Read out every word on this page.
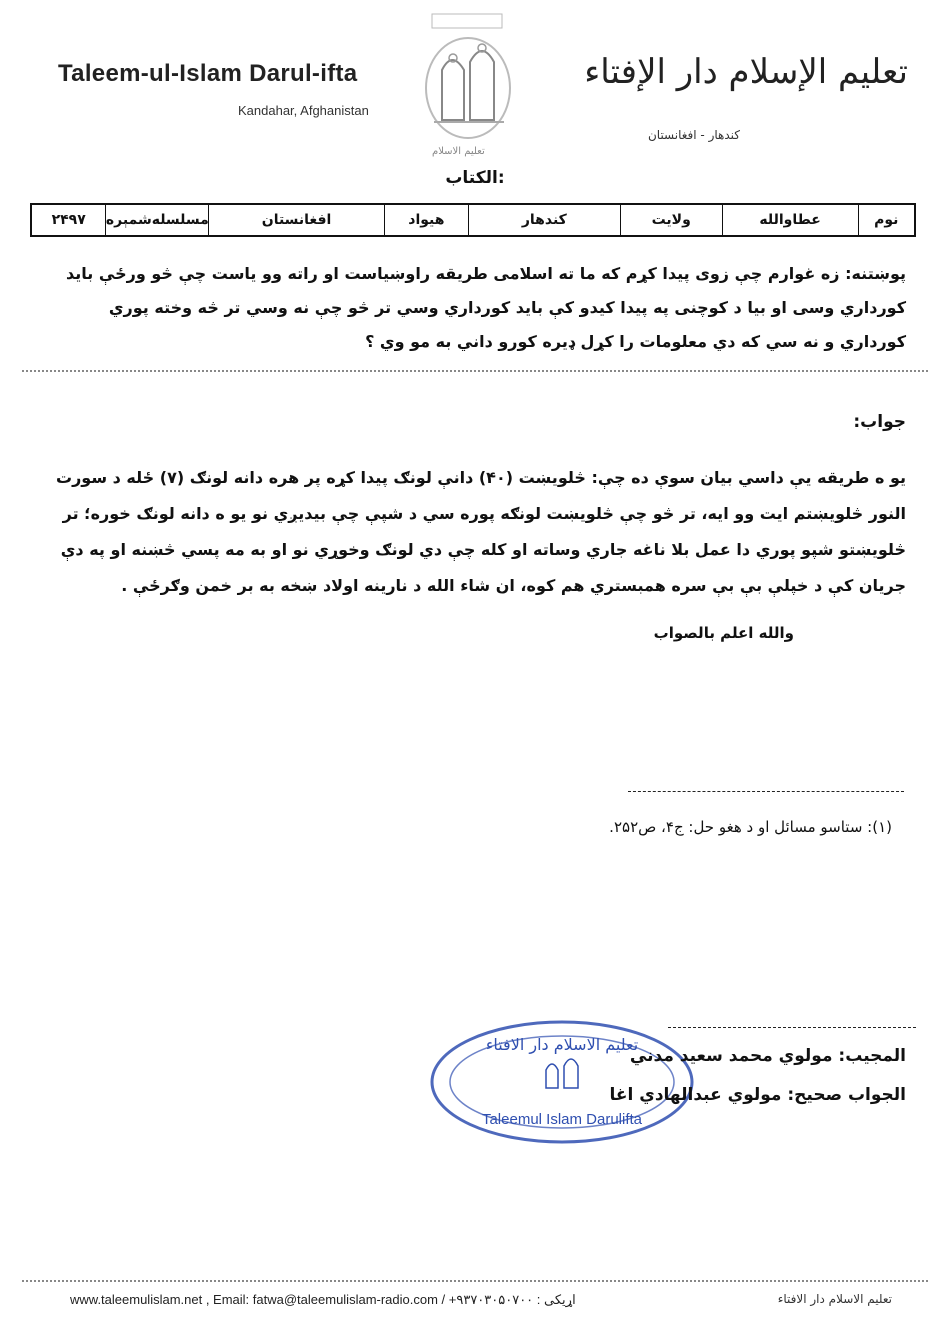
Taleem-ul-Islam Darul-ifta
Kandahar, Afghanistan
تعليم الاسلام
تعليم الإسلام دار الإفتاء
كندهار - افغانستان
الکتاب:
نوم
عطاوالله
ولايت
کندهار
هيواد
افغانستان
مسلسله‌شمېره
۲۴۹۷
پوښتنه: زه غوارم چې زوی پيدا کړم که ما ته اسلامی طريقه راوښياست او راته وو ياست چې څو ورځې بايد کورداري وسی او بيا د کوچنی په پيدا کيدو کې بايد کورداري وسي تر څو چې نه وسي تر څه وخته پوري کورداري و نه سي که دي معلومات را کړل ډيره کورو داني به مو وي ؟
جواب:
يو ه طريقه يې داسي بيان سوې ده چې: څلويښت (۴۰) دانې لونګ پيدا کړه پر هره دانه لونګ (۷) ځله د سورت النور څلويښتم ايت وو ايه، تر څو چې څلويښت لونګه پوره سي د شپې چې بيديږي نو يو ه دانه لونګ خوره؛ تر څلويښتو شپو پوري دا عمل بلا ناغه جاري وساته او کله چې دي لونګ وخوړي نو او به مه پسي څښنه او په دې جريان کې د خپلې بې بې سره همبستري هم کوه، ان شاء الله د نارينه اولاد ښخه به بر خمن وګرځې .
والله اعلم بالصواب
(۱): ستاسو مسائل او د هغو حل: ج۴، ص۲۵۲.
تعليم الاسلام دار الافتاء
Taleemul Islam Darulifta
المجيب: مولوي محمد سعيد مدني
الجواب صحيح: مولوي عبدالهادي اغا
www.taleemulislam.net , Email: fatwa@taleemulislam-radio.com / +۹۳۷۰۳۰۵۰۷۰۰ : اړيکی	تعليم الاسلام دار الافتاء
